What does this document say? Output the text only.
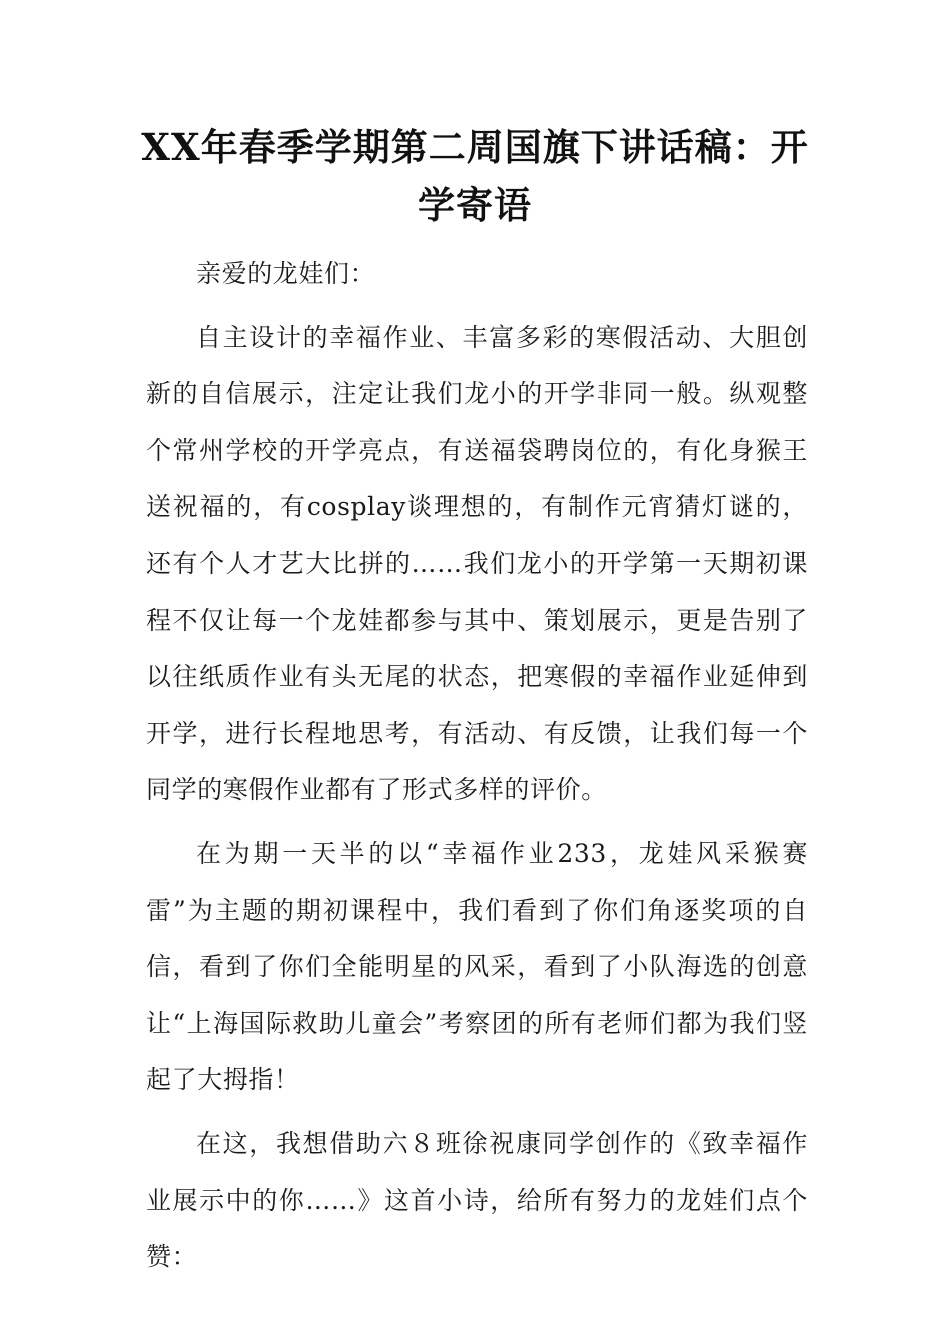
XX年春季学期第二周国旗下讲话稿：开学寄语

亲爱的龙娃们：

自主设计的幸福作业、丰富多彩的寒假活动、大胆创新的自信展示，注定让我们龙小的开学非同一般。纵观整个常州学校的开学亮点，有送福袋聘岗位的，有化身猴王送祝福的，有cosplay谈理想的，有制作元宵猜灯谜的，还有个人才艺大比拼的……我们龙小的开学第一天期初课程不仅让每一个龙娃都参与其中、策划展示，更是告别了以往纸质作业有头无尾的状态，把寒假的幸福作业延伸到开学，进行长程地思考，有活动、有反馈，让我们每一个同学的寒假作业都有了形式多样的评价。

在为期一天半的以“幸福作业233，龙娃风采猴赛雷”为主题的期初课程中，我们看到了你们角逐奖项的自信，看到了你们全能明星的风采，看到了小队海选的创意让“上海国际救助儿童会”考察团的所有老师们都为我们竖起了大拇指！

在这，我想借助六８班徐祝康同学创作的《致幸福作业展示中的你……》这首小诗，给所有努力的龙娃们点个赞：
